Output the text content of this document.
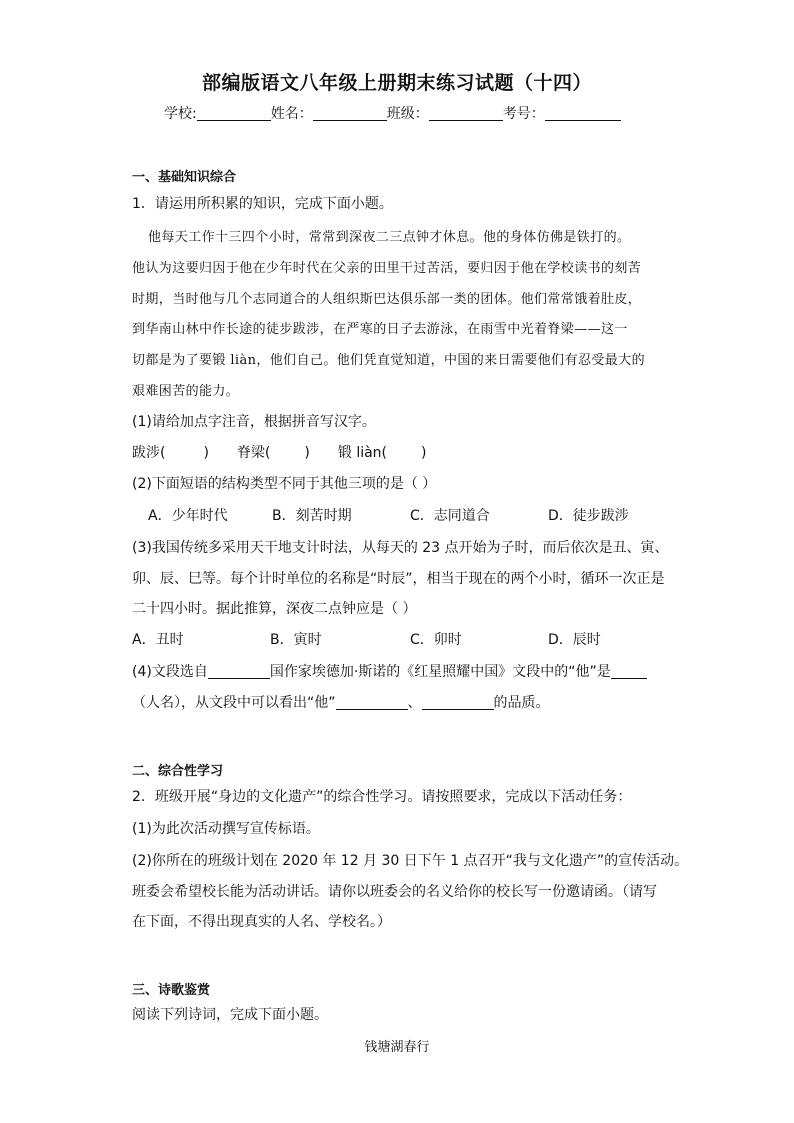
部编版语文八年级上册期末练习试题（十四）
学校:	姓名：	班级：	考号：
一、基础知识综合
1．请运用所积累的知识，完成下面小题。
他每天工作十三四个小时，常常到深夜二三点钟才休息。他的身体仿佛是铁打的。
他认为这要归因于他在少年时代在父亲的田里干过苦活，要归因于他在学校读书的刻苦
时期，当时他与几个志同道合的人组织斯巴达俱乐部一类的团体。他们常常饿着肚皮，
到华南山林中作长途的徒步跋涉，在严寒的日子去游泳，在雨雪中光着脊梁——这一
切都是为了要锻 liàn，他们自己。他们凭直觉知道，中国的来日需要他们有忍受最大的
艰难困苦的能力。
(1)请给加点字注音，根据拼音写汉字。
跋涉(	) 脊梁( ) 锻 liàn( )
(2)下面短语的结构类型不同于其他三项的是（ ）
A．少年时代	B．刻苦时期	C．志同道合	D．徒步跋涉
(3)我国传统多采用天干地支计时法，从每天的 23 点开始为子时，而后依次是丑、寅、
卯、辰、巳等。每个计时单位的名称是“时辰”，相当于现在的两个小时，循环一次正是
二十四小时。据此推算，深夜二点钟应是（ ）
A．丑时	B．寅时	C．卯时	D．辰时
(4)文段选自	国作家埃德加·斯诺的《红星照耀中国》文段中的“他”是
（人名），从文段中可以看出“他”	、	的品质。
二、综合性学习
2．班级开展“身边的文化遗产”的综合性学习。请按照要求，完成以下活动任务：
(1)为此次活动撰写宣传标语。
(2)你所在的班级计划在 2020 年 12 月 30 日下午 1 点召开“我与文化遗产”的宣传活动。
班委会希望校长能为活动讲话。请你以班委会的名义给你的校长写一份邀请函。（请写
在下面，不得出现真实的人名、学校名。）
三、诗歌鉴赏
阅读下列诗词，完成下面小题。
钱塘湖春行
